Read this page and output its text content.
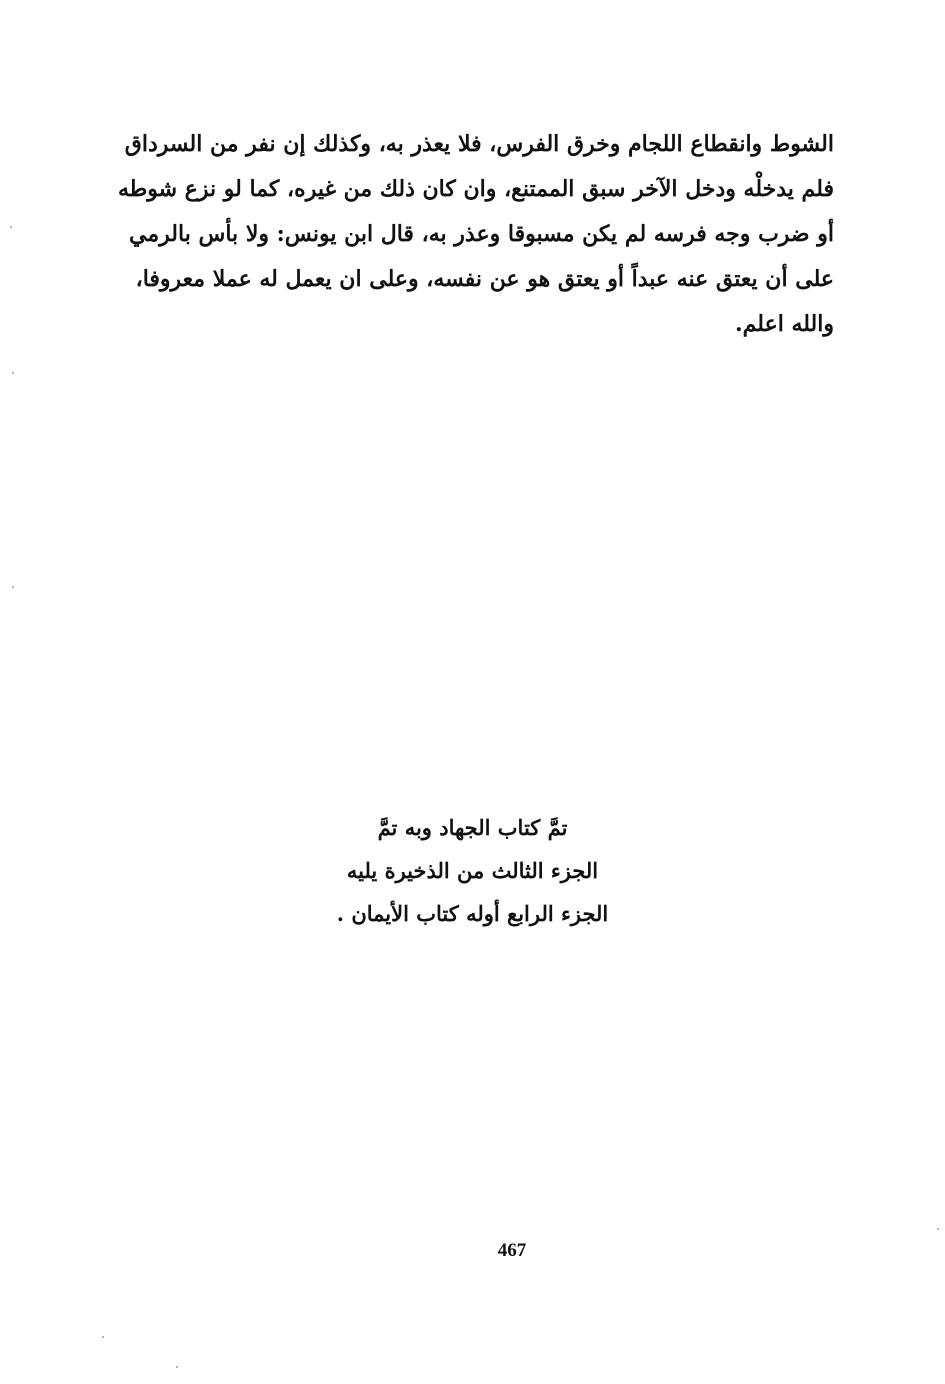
الشوط وانقطاع اللجام وخرق الفرس، فلا يعذر به، وكذلك إن نفر من السرداق
فلم يدخلْه ودخل الآخر سبق الممتنع، وان كان ذلك من غيره، كما لو نزع شوطه
أو ضرب وجه فرسه لم يكن مسبوقا وعذر به، قال ابن يونس: ولا بأس بالرمي
على أن يعتق عنه عبداً أو يعتق هو عن نفسه، وعلى ان يعمل له عملا معروفا،
والله اعلم.
تمَّ كتاب الجهاد وبه تمَّ
الجزء الثالث من الذخيرة يليه
الجزء الرابع أوله كتاب الأيمان .
467
